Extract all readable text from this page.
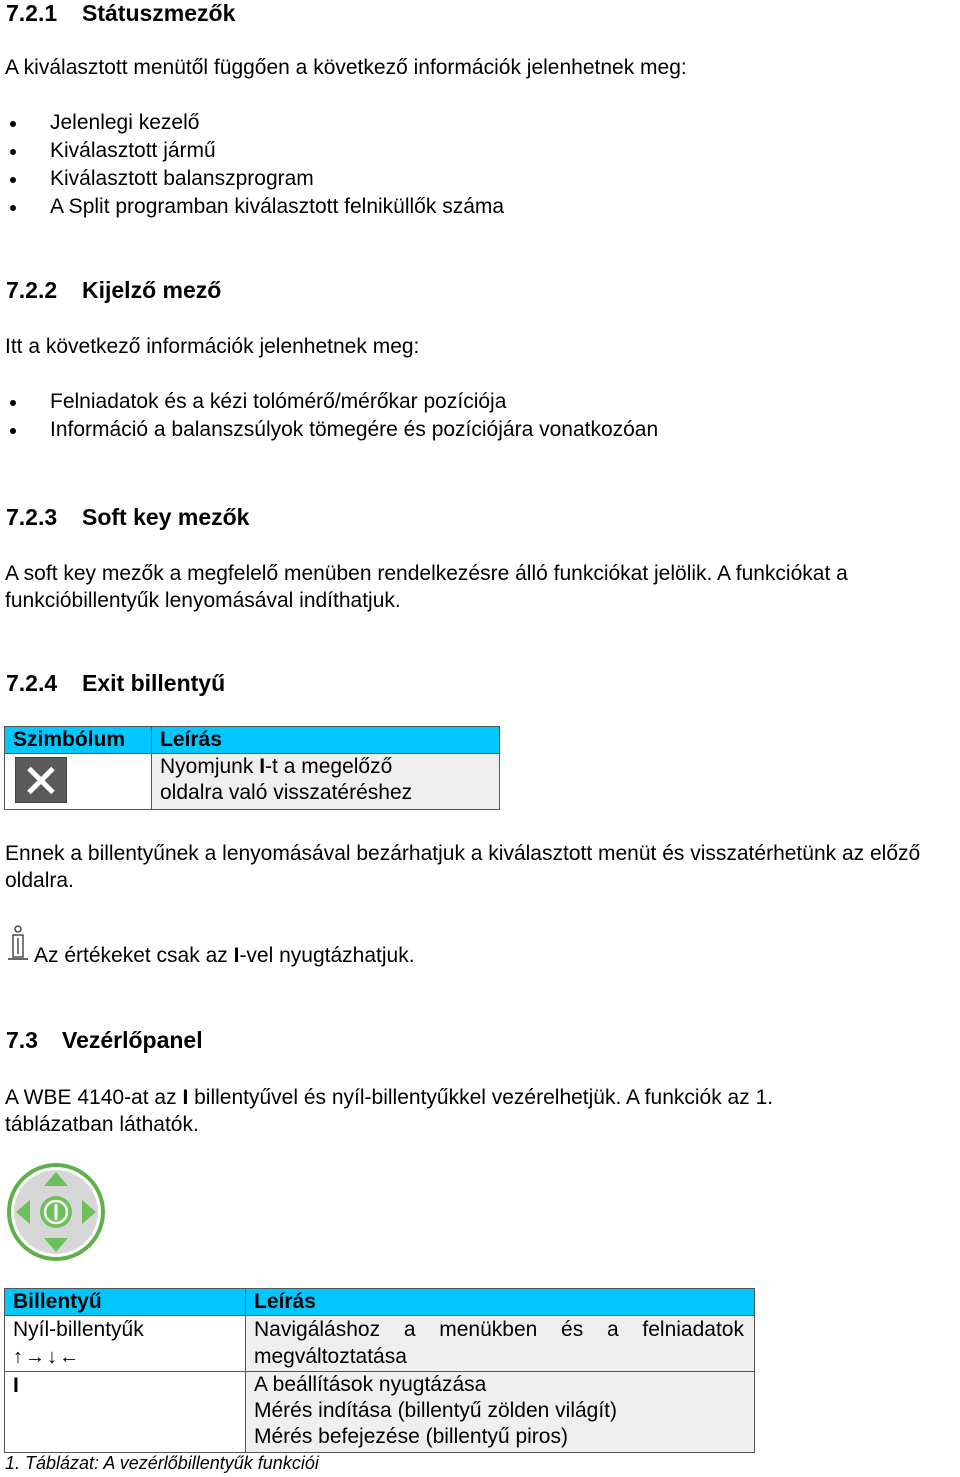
7.2.1 Státuszmezők

A kiválasztott menütől függően a következő információk jelenhetnek meg:

Jelenlegi kezelő
Kiválasztott jármű
Kiválasztott balanszprogram
A Split programban kiválasztott felniküllők száma
7.2.2 Kijelző mező

Itt a következő információk jelenhetnek meg:

Felniadatok és a kézi tolómérő/mérőkar pozíciója
Információ a balanszsúlyok tömegére és pozíciójára vonatkozóan
7.2.3 Soft key mezők

A soft key mezők a megfelelő menüben rendelkezésre álló funkciókat jelölik. A funkciókat a funkcióbillentyűk lenyomásával indíthatjuk.

7.2.4 Exit billentyű
Szimbólum	Leírás

	Nyomjunk I-t a megelőző
oldalra való visszatéréshez

Ennek a billentyűnek a lenyomásával bezárhatjuk a kiválasztott menüt és visszatérhetünk az előző oldalra.

Az értékeket csak az I-vel nyugtázhatjuk.

7.3 Vezérlőpanel

A WBE 4140-at az I billentyűvel és nyíl-billentyűkkel vezérelhetjük. A funkciók az 1. táblázatban láthatók.

Billentyű	Leírás
Nyíl-billentyűk
↑→↓←	Navigáláshoz a menükben és a felniadatok megváltoztatása
I	A beállítások nyugtázása
Mérés indítása (billentyű zölden világít)
Mérés befejezése (billentyű piros)

1. Táblázat: A vezérlőbillentyűk funkciói
